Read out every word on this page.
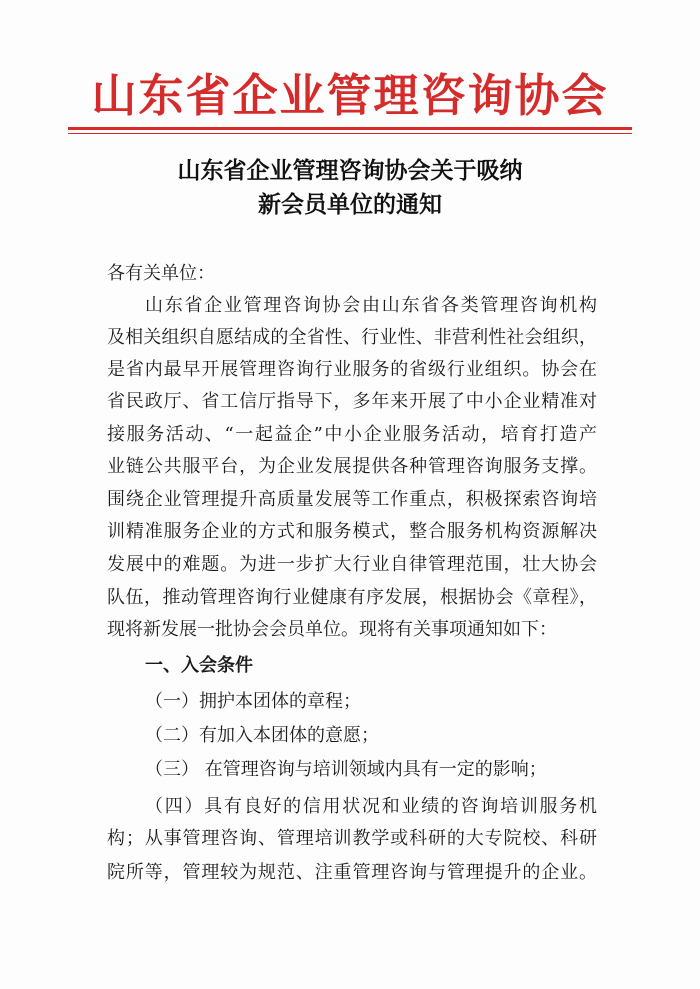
山东省企业管理咨询协会
山东省企业管理咨询协会关于吸纳
新会员单位的通知
各有关单位：
山东省企业管理咨询协会由山东省各类管理咨询机构
及相关组织自愿结成的全省性、行业性、非营利性社会组织，
是省内最早开展管理咨询行业服务的省级行业组织。协会在
省民政厅、省工信厅指导下，多年来开展了中小企业精准对
接服务活动、“一起益企”中小企业服务活动，培育打造产
业链公共服平台，为企业发展提供各种管理咨询服务支撑。
围绕企业管理提升高质量发展等工作重点，积极探索咨询培
训精准服务企业的方式和服务模式，整合服务机构资源解决
发展中的难题。为进一步扩大行业自律管理范围，壮大协会
队伍，推动管理咨询行业健康有序发展，根据协会《章程》，
现将新发展一批协会会员单位。现将有关事项通知如下：
一、入会条件
（一）拥护本团体的章程；
（二）有加入本团体的意愿；
（三） 在管理咨询与培训领域内具有一定的影响；
（四）具有良好的信用状况和业绩的咨询培训服务机
构；从事管理咨询、管理培训教学或科研的大专院校、科研
院所等，管理较为规范、注重管理咨询与管理提升的企业。
